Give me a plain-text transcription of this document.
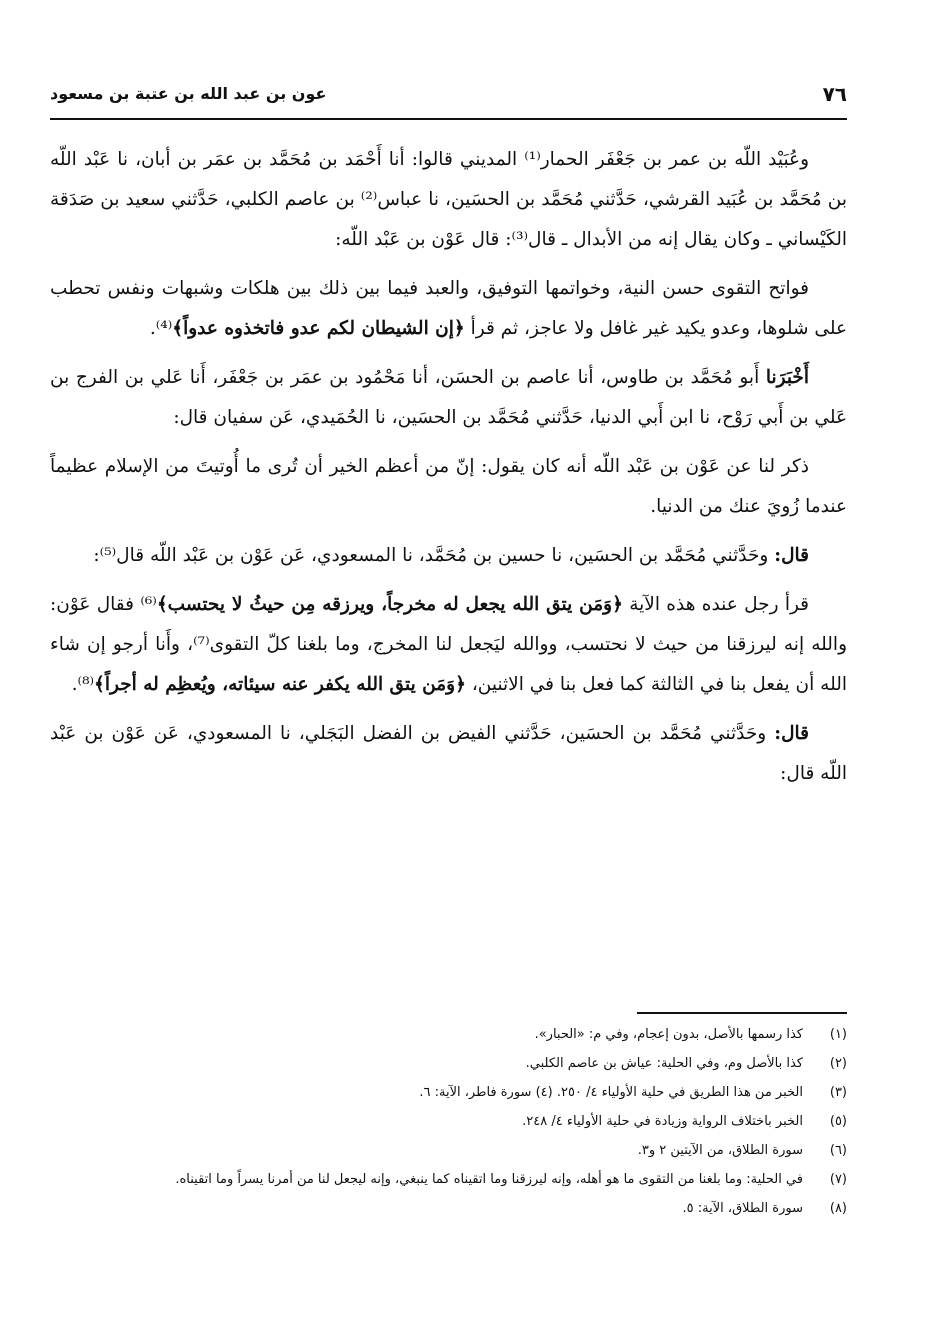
٧٦
عون بن عبد الله بن عتبة بن مسعود

وعُبَيْد اللّه بن عمر بن جَعْفَر الحمار⁽¹⁾ المديني قالوا: أنا أَحْمَد بن مُحَمَّد بن عمَر بن أبان، نا عَبْد اللّه بن مُحَمَّد بن عُبَيد القرشي، حَدَّثني مُحَمَّد بن الحسَين، نا عباس⁽²⁾ بن عاصم الكلبي، حَدَّثني سعيد بن صَدَقة الكَيْساني ـ وكان يقال إنه من الأبدال ـ قال⁽³⁾: قال عَوْن بن عَبْد اللّه:

فواتح التقوى حسن النية، وخواتمها التوفيق، والعبد فيما بين ذلك بين هلكات وشبهات ونفس تحطب على شلوها، وعدو يكيد غير غافل ولا عاجز، ثم قرأ ﴿إن الشيطان لكم عدو فاتخذوه عدواً﴾⁽⁴⁾.

أَخْبَرَنا أَبو مُحَمَّد بن طاوس، أنا عاصم بن الحسَن، أنا مَحْمُود بن عمَر بن جَعْفَر، أَنا عَلي بن الفرج بن عَلي بن أَبي رَوْح، نا ابن أَبي الدنيا، حَدَّثني مُحَمَّد بن الحسَين، نا الحُمَيدي، عَن سفيان قال:

ذكر لنا عن عَوْن بن عَبْد اللّه أنه كان يقول: إنّ من أعظم الخير أن تُرى ما أُوتيتَ من الإسلام عظيماً عندما زُويَ عنك من الدنيا.

قال: وحَدَّثني مُحَمَّد بن الحسَين، نا حسين بن مُحَمَّد، نا المسعودي، عَن عَوْن بن عَبْد اللّه قال⁽⁵⁾:

قرأ رجل عنده هذه الآية ﴿وَمَن يتق الله يجعل له مخرجاً، ويرزقه مِن حيثُ لا يحتسب﴾⁽⁶⁾ فقال عَوْن: والله إنه ليرزقنا من حيث لا نحتسب، ووالله ليَجعل لنا المخرج، وما بلغنا كلّ التقوى⁽⁷⁾، وأَنا أرجو إن شاء الله أن يفعل بنا في الثالثة كما فعل بنا في الاثنين، ﴿وَمَن يتق الله يكفر عنه سيئاته، ويُعظِم له أجراً﴾⁽⁸⁾.

قال: وحَدَّثني مُحَمَّد بن الحسَين، حَدَّثني الفيض بن الفضل البَجَلي، نا المسعودي، عَن عَوْن بن عَبْد اللّه قال:

(١)
كذا رسمها بالأصل، بدون إعجام، وفي م: «الحبار».
(٢)
كذا بالأصل وم، وفي الحلية: عياش بن عاصم الكلبي.
(٣)
الخبر من هذا الطريق في حلية الأولياء ٤/ ٢٥٠. (٤) سورة فاطر، الآية: ٦.
(٥)
الخبر باختلاف الرواية وزيادة في حلية الأولياء ٤/ ٢٤٨.
(٦)
سورة الطلاق، من الآيتين ٢ و٣.
(٧)
في الحلية: وما بلغنا من التقوى ما هو أهله، وإنه ليرزقنا وما اتقيناه كما ينبغي، وإنه ليجعل لنا من أمرنا يسراً وما اتقيناه.
(٨)
سورة الطلاق، الآية: ٥.
